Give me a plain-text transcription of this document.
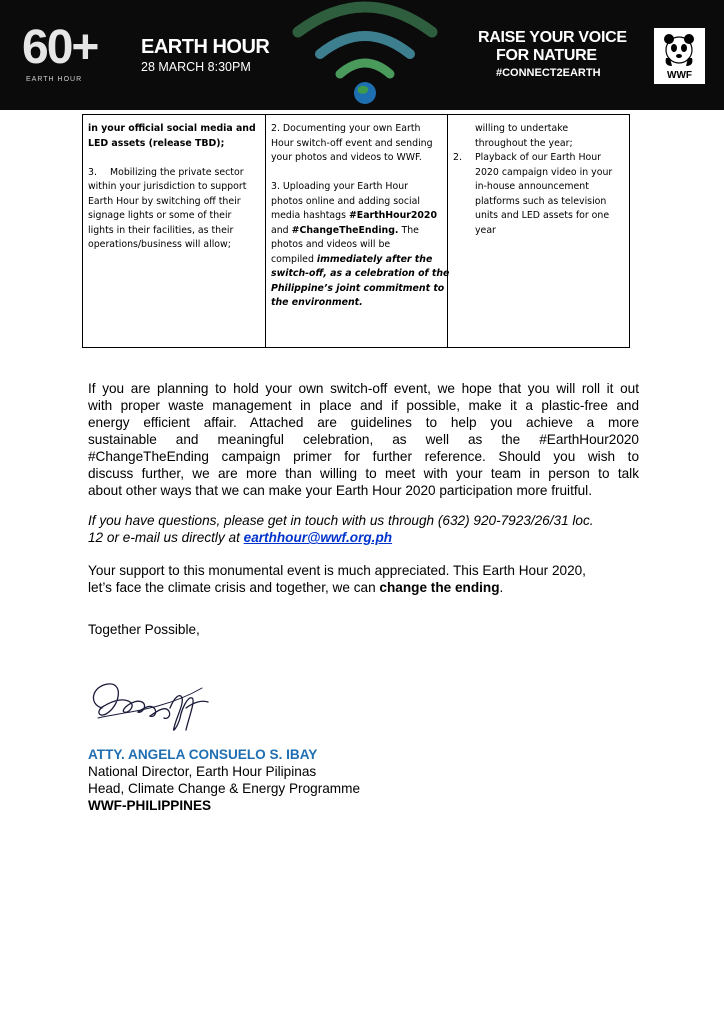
60+
EARTH HOUR
EARTH HOUR
28 MARCH 8:30PM
RAISE YOUR VOICE
FOR NATURE
#CONNECT2EARTH	WWF
in your official social media and
LED assets (release TBD);
3. Mobilizing the private sector
within your jurisdiction to support
Earth Hour by switching off their
signage lights or some of their
lights in their facilities, as their
operations/business will allow;
2. Documenting your own Earth
Hour switch-off event and sending
your photos and videos to WWF.
3. Uploading your Earth Hour
photos online and adding social
media hashtags #EarthHour2020
and #ChangeTheEnding. The
photos and videos will be
compiled immediately after the
switch-off, as a celebration of the
Philippine’s joint commitment to
the environment.
willing to undertake
throughout the year;
2. Playback of our Earth Hour
2020 campaign video in your
in-house announcement
platforms such as television
units and LED assets for one
year
If you are planning to hold your own switch-off event, we hope that you will roll it out
with proper waste management in place and if possible, make it a plastic-free and
energy efficient affair. Attached are guidelines to help you achieve a more
sustainable and meaningful celebration, as well as the #EarthHour2020
#ChangeTheEnding campaign primer for further reference. Should you wish to
discuss further, we are more than willing to meet with your team in person to talk
about other ways that we can make your Earth Hour 2020 participation more fruitful.
If you have questions, please get in touch with us through (632) 920-7923/26/31 loc.
12 or e-mail us directly at earthhour@wwf.org.ph
Your support to this monumental event is much appreciated. This Earth Hour 2020,
let’s face the climate crisis and together, we can change the ending.
Together Possible,
ATTY. ANGELA CONSUELO S. IBAY
National Director, Earth Hour Pilipinas
Head, Climate Change & Energy Programme
WWF-PHILIPPINES
